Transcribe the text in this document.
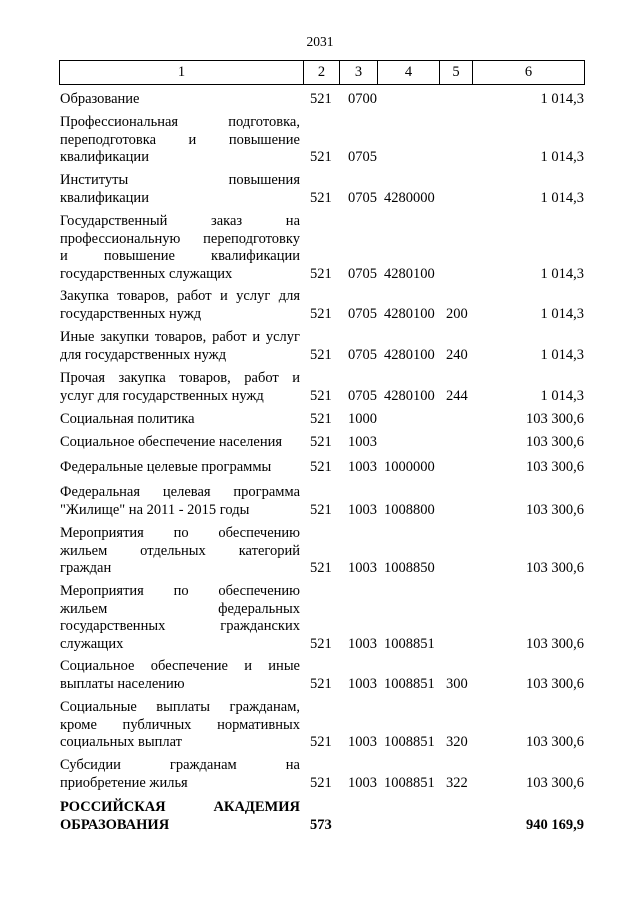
2031
1	2	3	4	5	6
Образование	521 0700	1 014,3
Профессиональная подготовка,
переподготовка и повышение
квалификации	521 0705	1 014,3
Институты повышения
квалификации	521 0705 4280000	1 014,3
Государственный заказ на
профессиональную переподготовку
и повышение квалификации
государственных служащих	521 0705 4280100	1 014,3
Закупка товаров, работ и услуг для
государственных нужд	521 0705 4280100 200	1 014,3
Иные закупки товаров, работ и услуг
для государственных нужд	521 0705 4280100 240	1 014,3
Прочая закупка товаров, работ и
услуг для государственных нужд	521 0705 4280100 244	1 014,3
Социальная политика	521 1000	103 300,6
Социальное обеспечение населения	521 1003	103 300,6
Федеральные целевые программы	521 1003 1000000	103 300,6
Федеральная целевая программа
"Жилище" на 2011 - 2015 годы	521 1003 1008800	103 300,6
Мероприятия по обеспечению
жильем отдельных категорий
граждан	521 1003 1008850	103 300,6
Мероприятия по обеспечению
жильем федеральных
государственных гражданских
служащих	521 1003 1008851	103 300,6
Социальное обеспечение и иные
выплаты населению	521 1003 1008851 300	103 300,6
Социальные выплаты гражданам,
кроме публичных нормативных
социальных выплат	521 1003 1008851 320	103 300,6
Субсидии гражданам на
приобретение жилья	521 1003 1008851 322	103 300,6
РОССИЙСКАЯ АКАДЕМИЯ
ОБРАЗОВАНИЯ	573	940 169,9
